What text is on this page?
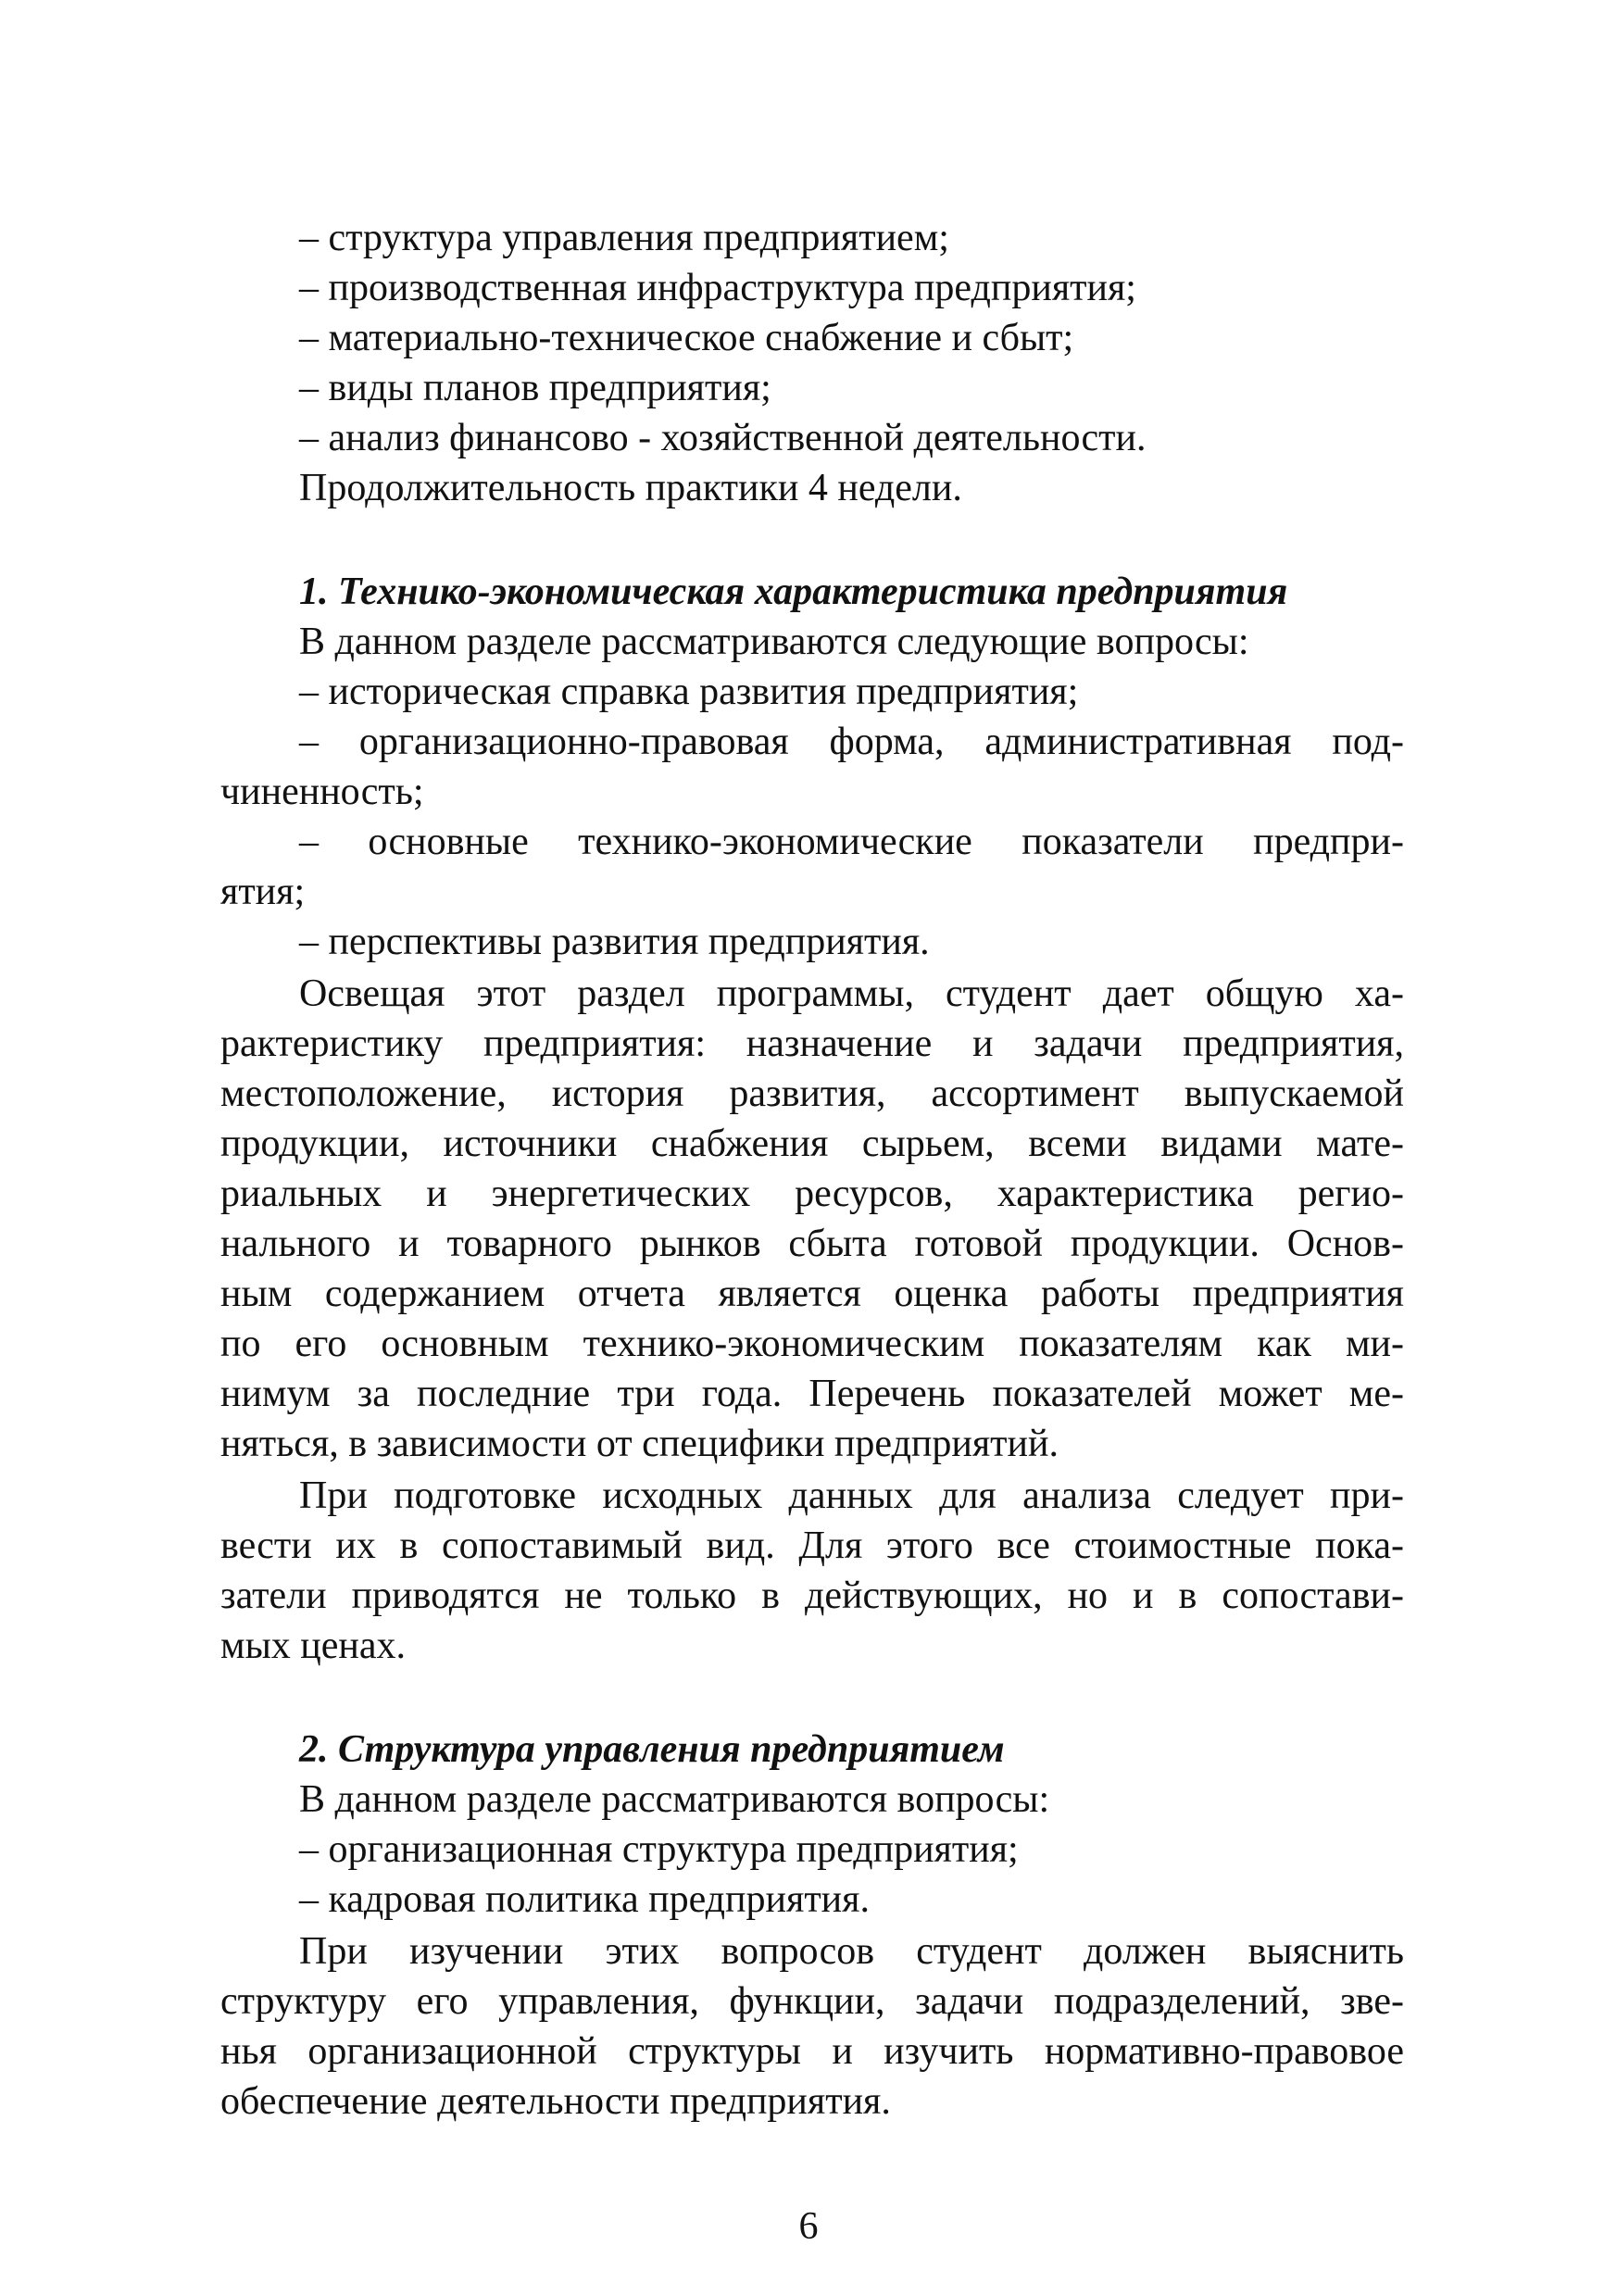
– структура управления предприятием;

– производственная инфраструктура предприятия;

– материально-техническое снабжение и сбыт;

– виды планов предприятия;

– анализ финансово - хозяйственной деятельности.

Продолжительность практики 4 недели.

1. Технико-экономическая характеристика предприятия

В данном разделе рассматриваются следующие вопросы:

– историческая справка развития предприятия;

– организационно-правовая форма, административная под-

чиненность;

– основные технико-экономические показатели предпри-

ятия;

– перспективы развития предприятия.

Освещая этот раздел программы, студент дает общую ха-

рактеристику предприятия: назначение и задачи предприятия,

местоположение, история развития, ассортимент выпускаемой

продукции, источники снабжения сырьем, всеми видами мате-

риальных и энергетических ресурсов, характеристика регио-

нального и товарного рынков сбыта готовой продукции. Основ-

ным содержанием отчета является оценка работы предприятия

по его основным технико-экономическим показателям как ми-

нимум за последние три года. Перечень показателей может ме-

няться, в зависимости от специфики предприятий.

При подготовке исходных данных для анализа следует при-

вести их в сопоставимый вид. Для этого все стоимостные пока-

затели приводятся не только в действующих, но и в сопостави-

мых ценах.

2. Структура управления предприятием

В данном разделе рассматриваются вопросы:

– организационная структура предприятия;

– кадровая политика предприятия.

При изучении этих вопросов студент должен выяснить

структуру его управления, функции, задачи подразделений, зве-

нья организационной структуры и изучить нормативно-правовое

обеспечение деятельности предприятия.

6
